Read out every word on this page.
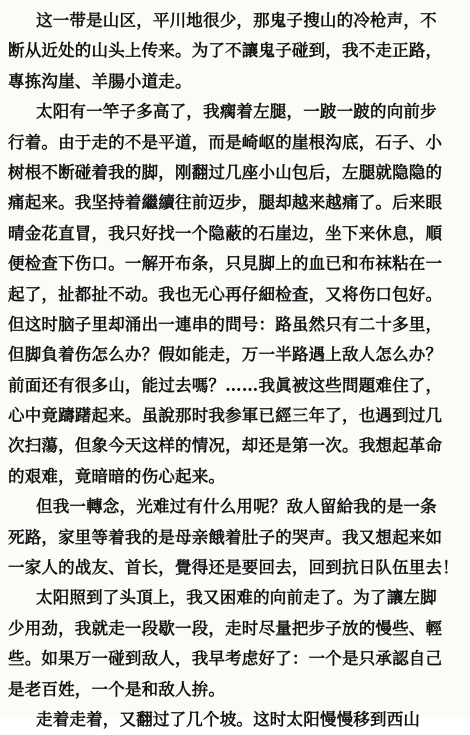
这一带是山区，平川地很少，那鬼子搜山的冷枪声，不
断从近处的山头上传来。为了不讓鬼子碰到，我不走正路，
專拣沟崖、羊腸小道走。
太阳有一竿子多高了，我瘸着左腿，一跛一跛的向前步
行着。由于走的不是平道，而是崎岖的崖根沟底，石子、小
树根不断碰着我的脚，刚翻过几座小山包后，左腿就隐隐的
痛起来。我坚持着繼續往前迈步，腿却越来越痛了。后来眼
晴金花直冒，我只好找一个隐蔽的石崖边，坐下来休息，順
便检查下伤口。一解开布条，只見脚上的血已和布袜粘在一
起了，扯都扯不动。我也无心再仔細检查，又将伤口包好。
但这时脑子里却涌出一連串的問号：路虽然只有二十多里，
但脚負着伤怎么办？假如能走，万一半路遇上敌人怎么办？
前面还有很多山，能过去嗎？……我眞被这些問題难住了，
心中竟躊躇起来。虽說那时我参軍已經三年了，也遇到过几
次扫蕩，但象今天这样的情况，却还是第一次。我想起革命
的艰难，竟暗暗的伤心起来。
但我一轉念，光难过有什么用呢？敌人留給我的是一条
死路，家里等着我的是母亲餓着肚子的哭声。我又想起来如
一家人的战友、首长，覺得还是要回去，回到抗日队伍里去！
太阳照到了头頂上，我又困难的向前走了。为了讓左脚
少用劲，我就走一段歇一段，走时尽量把步子放的慢些、輕
些。如果万一碰到敌人，我早考虑好了：一个是只承認自己
是老百姓，一个是和敌人拚。
走着走着，又翻过了几个坡。这时太阳慢慢移到西山
